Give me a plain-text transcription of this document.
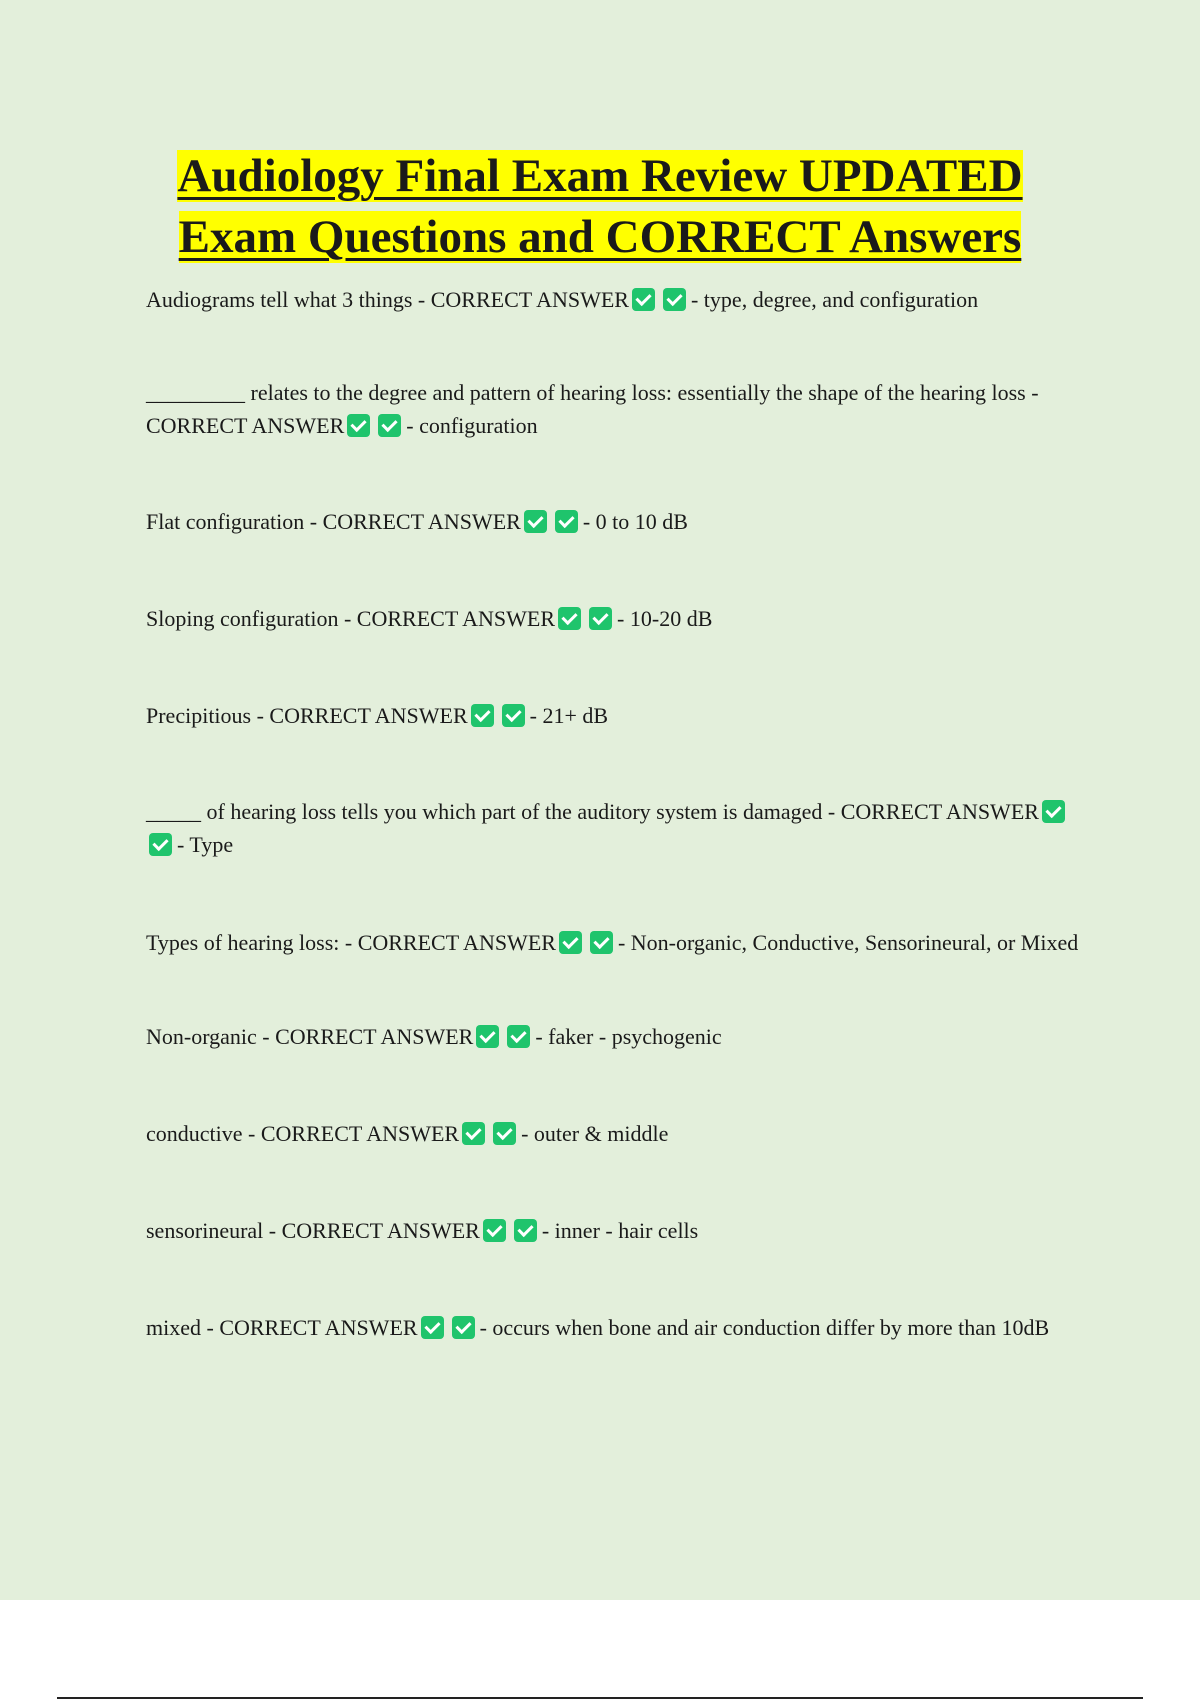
Audiology Final Exam Review UPDATED
Exam Questions and CORRECT Answers

Audiograms tell what 3 things - CORRECT ANSWER	- type, degree, and configuration

_________ relates to the degree and pattern of hearing loss: essentially the shape of the hearing loss - CORRECT ANSWER	- configuration

Flat configuration - CORRECT ANSWER	- 0 to 10 dB

Sloping configuration - CORRECT ANSWER	- 10-20 dB

Precipitious - CORRECT ANSWER	- 21+ dB

_____ of hearing loss tells you which part of the auditory system is damaged - CORRECT ANSWER- Type

Types of hearing loss: - CORRECT ANSWER	- Non-organic, Conductive, Sensorineural, or Mixed

Non-organic - CORRECT ANSWER	- faker - psychogenic

conductive - CORRECT ANSWER	- outer & middle

sensorineural - CORRECT ANSWER	- inner - hair cells

mixed - CORRECT ANSWER	- occurs when bone and air conduction differ by more than 10dB
